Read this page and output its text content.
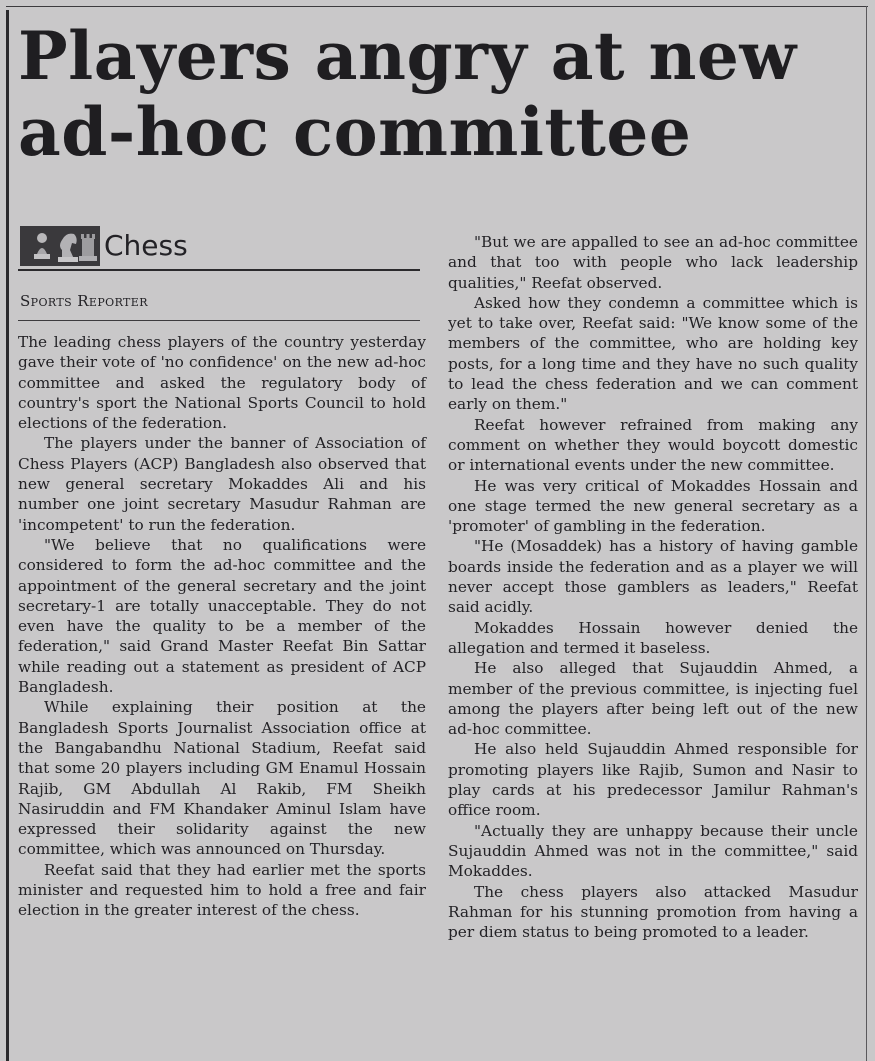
Players angry at new ad-hoc committee
Chess
Sports Reporter

The leading chess players of the country yesterday gave their vote of 'no confidence' on the new ad-hoc committee and asked the regulatory body of country's sport the National Sports Council to hold elections of the federation.

The players under the banner of Association of Chess Players (ACP) Bangladesh also observed that new general secretary Mokaddes Ali and his number one joint secretary Masudur Rahman are 'incompetent' to run the federation.

"We believe that no qualifications were considered to form the ad-hoc committee and the appointment of the general secretary and the joint secretary-1 are totally unacceptable. They do not even have the quality to be a member of the federation," said Grand Master Reefat Bin Sattar while reading out a statement as president of ACP Bangladesh.

While explaining their position at the Bangladesh Sports Journalist Association office at the Bangabandhu National Stadium, Reefat said that some 20 players including GM Enamul Hossain Rajib, GM Abdullah Al Rakib, FM Sheikh Nasiruddin and FM Khandaker Aminul Islam have expressed their solidarity against the new committee, which was announced on Thursday.

Reefat said that they had earlier met the sports minister and requested him to hold a free and fair election in the greater interest of the chess.

"But we are appalled to see an ad-hoc committee and that too with people who lack leadership qualities," Reefat observed.

Asked how they condemn a committee which is yet to take over, Reefat said: "We know some of the members of the committee, who are holding key posts, for a long time and they have no such quality to lead the chess federation and we can comment early on them."

Reefat however refrained from making any comment on whether they would boycott domestic or international events under the new committee.

He was very critical of Mokaddes Hossain and one stage termed the new general secretary as a 'promoter' of gambling in the federation.

"He (Mosaddek) has a history of having gamble boards inside the federation and as a player we will never accept those gamblers as leaders," Reefat said acidly.

Mokaddes Hossain however denied the allegation and termed it baseless.

He also alleged that Sujauddin Ahmed, a member of the previous committee, is injecting fuel among the players after being left out of the new ad-hoc committee.

He also held Sujauddin Ahmed responsible for promoting players like Rajib, Sumon and Nasir to play cards at his predecessor Jamilur Rahman's office room.

"Actually they are unhappy because their uncle Sujauddin Ahmed was not in the committee," said Mokaddes.

The chess players also attacked Masudur Rahman for his stunning promotion from having a per diem status to being promoted to a leader.
